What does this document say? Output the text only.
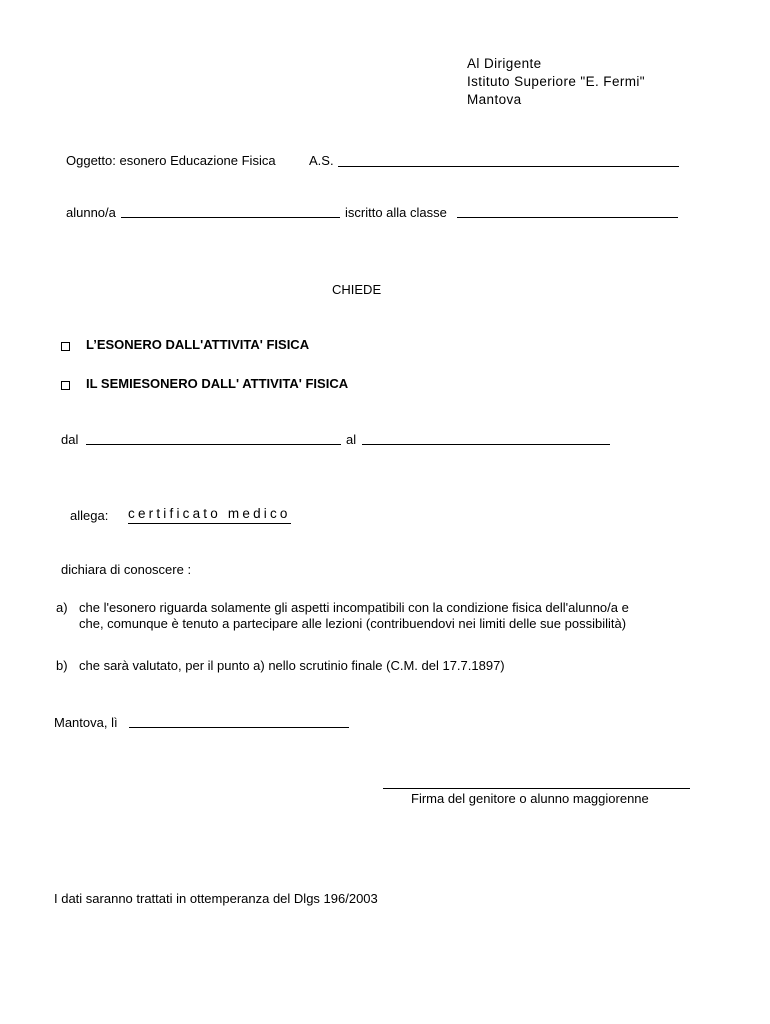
Al Dirigente
Istituto Superiore "E. Fermi"
Mantova
Oggetto: esonero Educazione Fisica	A.S.
alunno/a	iscritto alla classe
CHIEDE
L’ESONERO DALL'ATTIVITA' FISICA
IL SEMIESONERO DALL' ATTIVITA' FISICA
dal	al
allega: certificato medico
dichiara di conoscere :
a) che l'esonero riguarda solamente gli aspetti incompatibili con la condizione fisica dell'alunno/a e
che, comunque è tenuto a partecipare alle lezioni (contribuendovi nei limiti delle sue possibilità)
b) che sarà valutato, per il punto a) nello scrutinio finale (C.M. del 17.7.1897)
Mantova, lì
Firma del genitore o alunno maggiorenne
I dati saranno trattati in ottemperanza del Dlgs 196/2003
